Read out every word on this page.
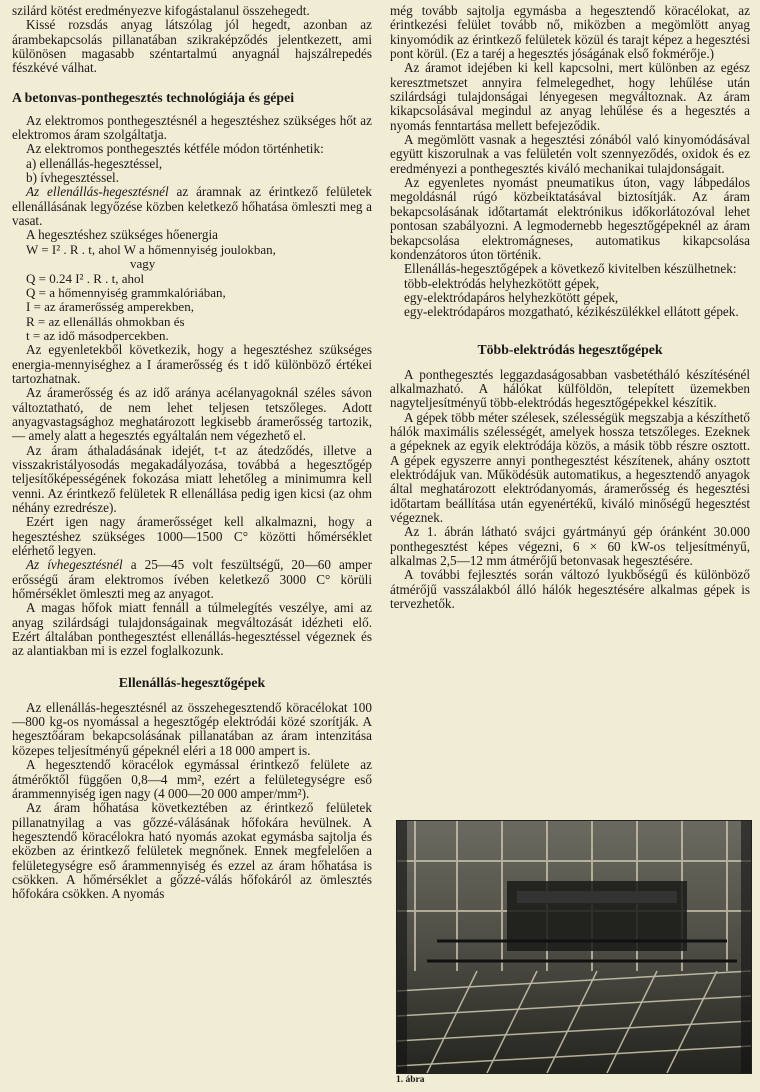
szilárd kötést eredményezve kifogástalanul összehegedt.

Kissé rozsdás anyag látszólag jól hegedt, azonban az árambekapcsolás pillanatában szikraképződés jelentkezett, ami különösen magasabb széntartalmú anyagnál hajszálrepedés fészkévé válhat.

A betonvas-ponthegesztés technológiája és gépei

Az elektromos ponthegesztésnél a hegesztéshez szükséges hőt az elektromos áram szolgáltatja.

Az elektromos ponthegesztés kétféle módon történhetik:

a) ellenállás-hegesztéssel,

b) ívhegesztéssel.

Az ellenállás-hegesztésnél az áramnak az érintkező felületek ellenállásának legyőzése közben keletkező hőhatása ömleszti meg a vasat.

A hegesztéshez szükséges hőenergia

W = I² . R . t, ahol W a hőmennyiség joulokban,

vagy

Q = 0.24 I² . R . t, ahol

Q = a hőmennyiség grammkalóriában,

I = az áramerősség amperekben,

R = az ellenállás ohmokban és

t = az idő másodpercekben.

Az egyenletekből következik, hogy a hegesztéshez szükséges energia-mennyiséghez a I áramerősség és t idő különböző értékei tartozhatnak.

Az áramerősség és az idő aránya acélanyagoknál széles sávon változtatható, de nem lehet teljesen tetszőleges. Adott anyagvastagsághoz meghatározott legkisebb áramerősség tartozik, — amely alatt a hegesztés egyáltalán nem végezhető el.

Az áram áthaladásának idejét, t-t az átedződés, illetve a visszakristályosodás megakadályozása, továbbá a hegesztőgép teljesítőképességének fokozása miatt lehetőleg a minimumra kell venni. Az érintkező felületek R ellenállása pedig igen kicsi (az ohm néhány ezredrésze).

Ezért igen nagy áramerősséget kell alkalmazni, hogy a hegesztéshez szükséges 1000—1500 C° közötti hőmérséklet elérhető legyen.

Az ívhegesztésnél a 25—45 volt feszültségű, 20—60 amper erősségű áram elektromos ívében keletkező 3000 C° körüli hőmérséklet ömleszti meg az anyagot.

A magas hőfok miatt fennáll a túlmelegítés veszélye, ami az anyag szilárdsági tulajdonságainak megváltozását idézheti elő. Ezért általában ponthegesztést ellenállás-hegesztéssel végeznek és az alantiakban mi is ezzel foglalkozunk.

Ellenállás-hegesztőgépek

Az ellenállás-hegesztésnél az összehegesztendő köracélokat 100—800 kg-os nyomással a hegesztőgép elektródái közé szorítják. A hegesztőáram bekapcsolásának pillanatában az áram intenzitása közepes teljesítményű gépeknél eléri a 18 000 ampert is.

A hegesztendő köracélok egymással érintkező felülete az átmérőktől függően 0,8—4 mm², ezért a felületegységre eső árammennyiség igen nagy (4 000—20 000 amper/mm²).

Az áram hőhatása következtében az érintkező felületek pillanatnyilag a vas gőzzé-válásának hőfokára hevülnek. A hegesztendő köracélokra ható nyomás azokat egymásba sajtolja és eközben az érintkező felületek megnőnek. Ennek megfelelően a felületegységre eső árammennyiség és ezzel az áram hőhatása is csökken. A hőmérséklet a gőzzé-válás hőfokáról az ömlesztés hőfokára csökken. A nyomás

még tovább sajtolja egymásba a hegesztendő köracélokat, az érintkezési felület tovább nő, miközben a megömlött anyag kinyomódik az érintkező felületek közül és tarajt képez a hegesztési pont körül. (Ez a taréj a hegesztés jóságának első fokmérője.)

Az áramot idejében ki kell kapcsolni, mert különben az egész keresztmetszet annyira felmelegedhet, hogy lehűlése után szilárdsági tulajdonságai lényegesen megváltoznak. Az áram kikapcsolásával megindul az anyag lehűlése és a hegesztés a nyomás fenntartása mellett befejeződik.

A megömlött vasnak a hegesztési zónából való kinyomódásával együtt kiszorulnak a vas felületén volt szennyeződés, oxidok és ez eredményezi a ponthegesztés kiváló mechanikai tulajdonságait.

Az egyenletes nyomást pneumatikus úton, vagy lábpedálos megoldásnál rúgó közbeiktatásával biztosítják. Az áram bekapcsolásának időtartamát elektrónikus időkorlátozóval lehet pontosan szabályozni. A legmodernebb hegesztőgépeknél az áram bekapcsolása elektromágneses, automatikus kikapcsolása kondenzátoros úton történik.

Ellenállás-hegesztőgépek a következő kivitelben készülhetnek:

több-elektródás helyhezkötött gépek,

egy-elektródapáros helyhezkötött gépek,

egy-elektródapáros mozgatható, kézikészülékkel ellátott gépek.

Több-elektródás hegesztőgépek

A ponthegesztés leggazdaságosabban vasbetétháló készítésénél alkalmazható. A hálókat külföldön, telepített üzemekben nagyteljesítményű több-elektródás hegesztőgépekkel készítik.

A gépek több méter szélesek, szélességük megszabja a készíthető hálók maximális szélességét, amelyek hossza tetszőleges. Ezeknek a gépeknek az egyik elektródája közös, a másik több részre osztott. A gépek egyszerre annyi ponthegesztést készítenek, ahány osztott elektródájuk van. Működésük automatikus, a hegesztendő anyagok által meghatározott elektródanyomás, áramerősség és hegesztési időtartam beállítása után egyenértékű, kiváló minőségű hegesztést végeznek.

Az 1. ábrán látható svájci gyártmányú gép óránként 30.000 ponthegesztést képes végezni, 6 × 60 kW-os teljesítményű, alkalmas 2,5—12 mm átmérőjű betonvasak hegesztésére.

A további fejlesztés során változó lyukbőségű és különböző átmérőjű vasszálakból álló hálók hegesztésére alkalmas gépek is tervezhetők.

1. ábra
